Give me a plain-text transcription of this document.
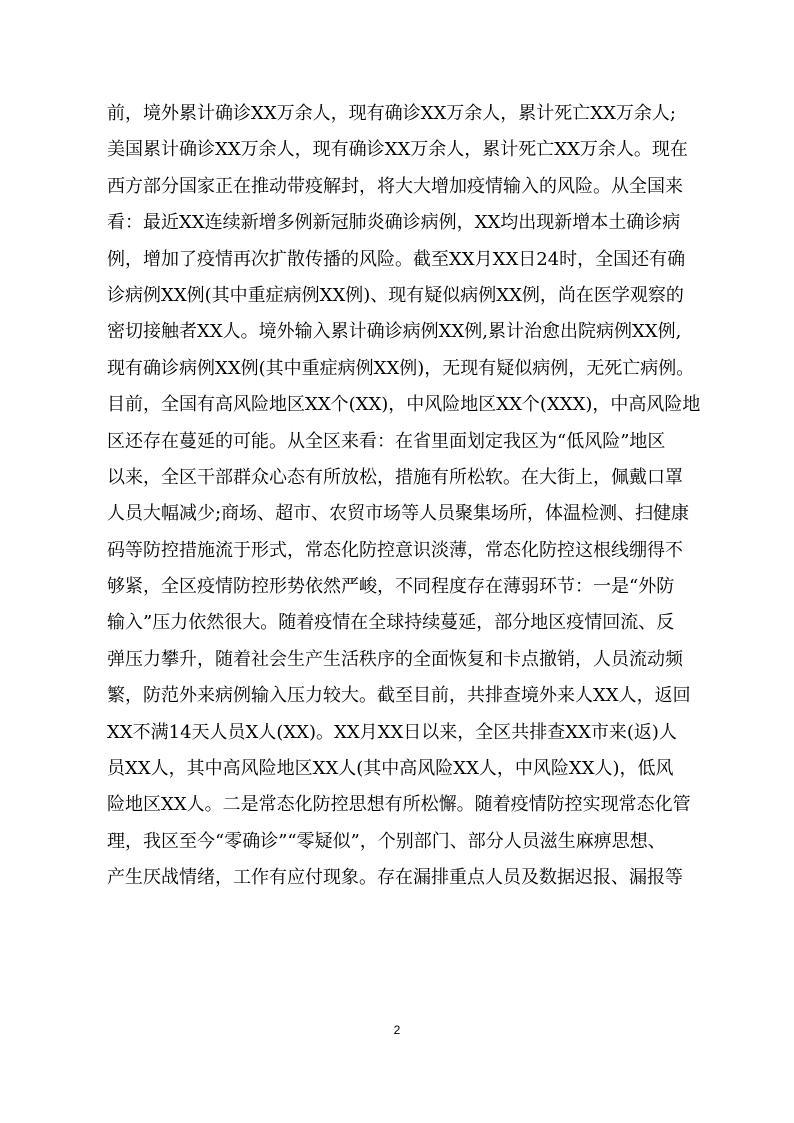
前，境外累计确诊XX万余人，现有确诊XX万余人，累计死亡XX万余人;
美国累计确诊XX万余人，现有确诊XX万余人，累计死亡XX万余人。现在
西方部分国家正在推动带疫解封，将大大增加疫情输入的风险。从全国来
看：最近XX连续新增多例新冠肺炎确诊病例，XX均出现新增本土确诊病
例，增加了疫情再次扩散传播的风险。截至XX月XX日24时，全国还有确
诊病例XX例(其中重症病例XX例)、现有疑似病例XX例，尚在医学观察的
密切接触者XX人。境外输入累计确诊病例XX例,累计治愈出院病例XX例,
现有确诊病例XX例(其中重症病例XX例)，无现有疑似病例，无死亡病例。
目前，全国有高风险地区XX个(XX)，中风险地区XX个(XXX)，中高风险地
区还存在蔓延的可能。从全区来看：在省里面划定我区为“低风险”地区
以来，全区干部群众心态有所放松，措施有所松软。在大街上，佩戴口罩
人员大幅减少;商场、超市、农贸市场等人员聚集场所，体温检测、扫健康
码等防控措施流于形式，常态化防控意识淡薄，常态化防控这根线绷得不
够紧，全区疫情防控形势依然严峻，不同程度存在薄弱环节：一是“外防
输入”压力依然很大。随着疫情在全球持续蔓延，部分地区疫情回流、反
弹压力攀升，随着社会生产生活秩序的全面恢复和卡点撤销，人员流动频
繁，防范外来病例输入压力较大。截至目前，共排查境外来人XX人，返回
XX不满14天人员X人(XX)。XX月XX日以来，全区共排查XX市来(返)人
员XX人，其中高风险地区XX人(其中高风险XX人，中风险XX人)，低风
险地区XX人。二是常态化防控思想有所松懈。随着疫情防控实现常态化管
理，我区至今“零确诊”“零疑似”，个别部门、部分人员滋生麻痹思想、
产生厌战情绪，工作有应付现象。存在漏排重点人员及数据迟报、漏报等
2
